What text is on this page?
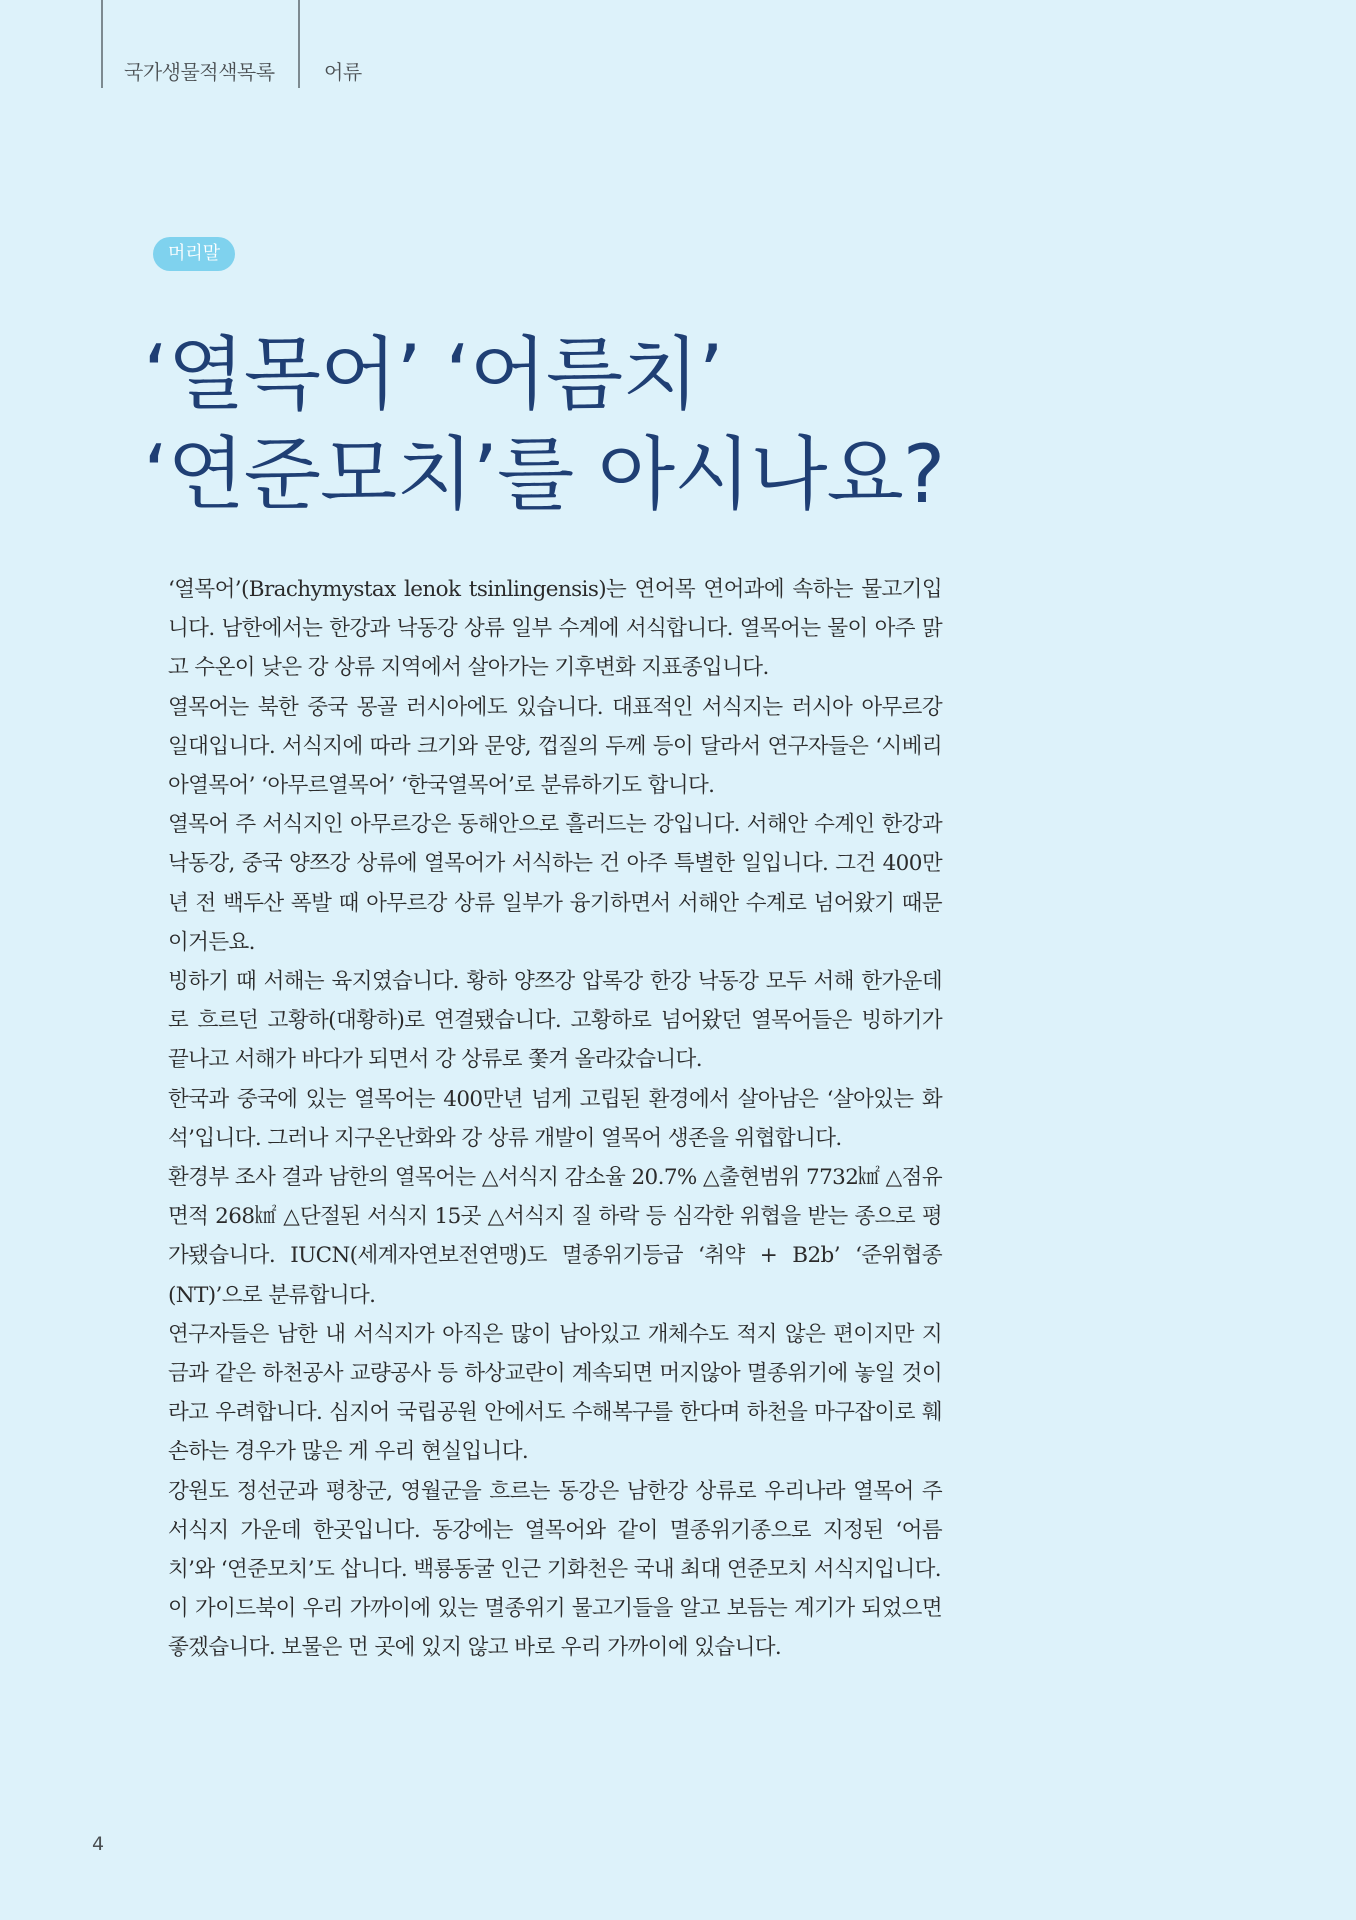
국가생물적색목록 어류
머리말
‘열목어’ ‘어름치’
‘연준모치’를 아시나요?

‘열목어’(Brachymystax lenok tsinlingensis)는 연어목 연어과에 속하는 물고기입니다. 남한에서는 한강과 낙동강 상류 일부 수계에 서식합니다. 열목어는 물이 아주 맑고 수온이 낮은 강 상류 지역에서 살아가는 기후변화 지표종입니다.

열목어는 북한 중국 몽골 러시아에도 있습니다. 대표적인 서식지는 러시아 아무르강 일대입니다. 서식지에 따라 크기와 문양, 껍질의 두께 등이 달라서 연구자들은 ‘시베리아열목어’ ‘아무르열목어’ ‘한국열목어’로 분류하기도 합니다.

열목어 주 서식지인 아무르강은 동해안으로 흘러드는 강입니다. 서해안 수계인 한강과 낙동강, 중국 양쯔강 상류에 열목어가 서식하는 건 아주 특별한 일입니다. 그건 400만년 전 백두산 폭발 때 아무르강 상류 일부가 융기하면서 서해안 수계로 넘어왔기 때문이거든요.

빙하기 때 서해는 육지였습니다. 황하 양쯔강 압록강 한강 낙동강 모두 서해 한가운데로 흐르던 고황하(대황하)로 연결됐습니다. 고황하로 넘어왔던 열목어들은 빙하기가 끝나고 서해가 바다가 되면서 강 상류로 쫓겨 올라갔습니다.

한국과 중국에 있는 열목어는 400만년 넘게 고립된 환경에서 살아남은 ‘살아있는 화석’입니다. 그러나 지구온난화와 강 상류 개발이 열목어 생존을 위협합니다.

환경부 조사 결과 남한의 열목어는 △서식지 감소율 20.7% △출현범위 7732㎢ △점유면적 268㎢ △단절된 서식지 15곳 △서식지 질 하락 등 심각한 위협을 받는 종으로 평가됐습니다. IUCN(세계자연보전연맹)도 멸종위기등급 ‘취약 + B2b’ ‘준위협종(NT)’으로 분류합니다.

연구자들은 남한 내 서식지가 아직은 많이 남아있고 개체수도 적지 않은 편이지만 지금과 같은 하천공사 교량공사 등 하상교란이 계속되면 머지않아 멸종위기에 놓일 것이라고 우려합니다. 심지어 국립공원 안에서도 수해복구를 한다며 하천을 마구잡이로 훼손하는 경우가 많은 게 우리 현실입니다.

강원도 정선군과 평창군, 영월군을 흐르는 동강은 남한강 상류로 우리나라 열목어 주 서식지 가운데 한곳입니다. 동강에는 열목어와 같이 멸종위기종으로 지정된 ‘어름치’와 ‘연준모치’도 삽니다. 백룡동굴 인근 기화천은 국내 최대 연준모치 서식지입니다.

이 가이드북이 우리 가까이에 있는 멸종위기 물고기들을 알고 보듬는 계기가 되었으면 좋겠습니다. 보물은 먼 곳에 있지 않고 바로 우리 가까이에 있습니다.

4
